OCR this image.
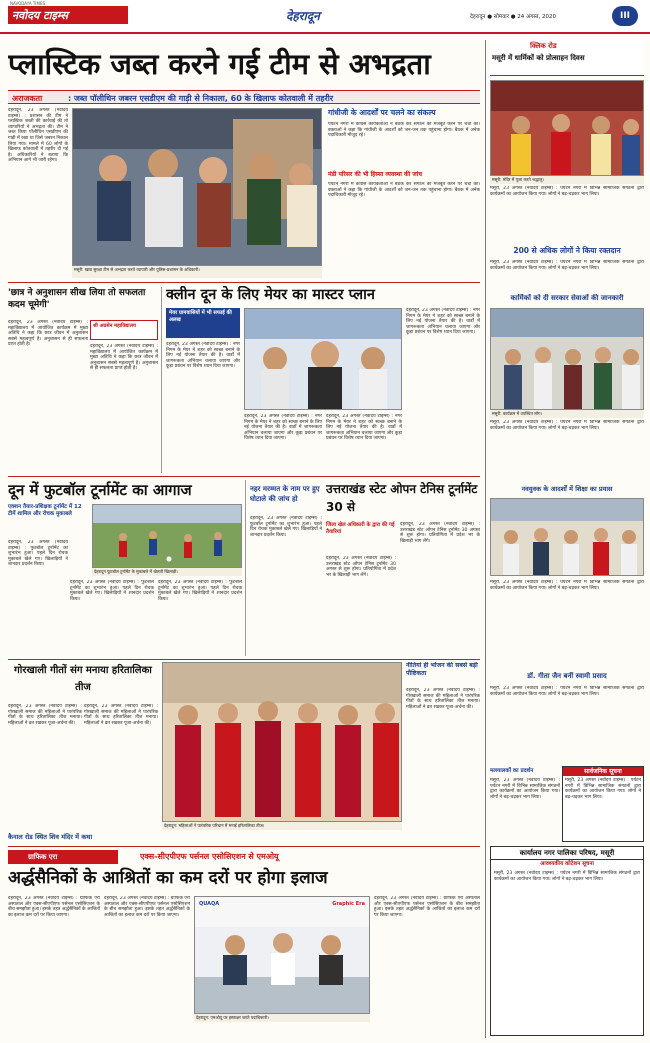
नवोदय टाइम्स
NAVODAYA TIMES
देहरादून	देहरादून ● सोमवार ● 24 अगस्त, 2020	III
प्लास्टिक जब्त करने गई टीम से अभद्रता
अराजकता	: जब्त पॉलीथिन जबरन एसडीएम की गाड़ी से निकाला, 60 के खिलाफ कोतवाली में तहरीर
देहरादून, 23 अगस्त (नवोदय टाइम्स) : प्रशासन की टीम ने प्लास्टिक जब्ती की कार्रवाई की तो व्यापारियों ने अभद्रता की। टीम ने जब्त किया पॉलीथिन एसडीएम की गाड़ी में रखा था जिसे जबरन निकाल लिया गया। मामले में 60 लोगों के खिलाफ कोतवाली में तहरीर दी गई है। अधिकारियों ने बताया कि अभियान आगे भी जारी रहेगा।
मसूरी: खाद्य सुरक्षा टीम से अभद्रता करते व्यापारी और पुलिस-प्रशासन के अधिकारी।
गांधीजी के आदर्शों पर चलने का संकल्प
पर्यटन नगरी में कांग्रेस कार्यकर्ताओं ने बैठक कर संगठन को मजबूत करने पर चर्चा की। वक्ताओं ने कहा कि गांधीजी के आदर्शों को जन-जन तक पहुंचाना होगा। बैठक में अनेक पदाधिकारी मौजूद रहे।
मंडी परिसर की भी हिस्सा व्यवस्था की जांच
पर्यटन नगरी में कांग्रेस कार्यकर्ताओं ने बैठक कर संगठन को मजबूत करने पर चर्चा की। वक्ताओं ने कहा कि गांधीजी के आदर्शों को जन-जन तक पहुंचाना होगा। बैठक में अनेक पदाधिकारी मौजूद रहे।
'छात्र ने अनुशासन सीख लिया तो सफलता कदम चूमेगी'
श्री अग्रसेन महाविद्यालय
देहरादून, 23 अगस्त (नवोदय टाइम्स) : महाविद्यालय में आयोजित कार्यक्रम में मुख्य अतिथि ने कहा कि छात्र जीवन में अनुशासन सबसे महत्वपूर्ण है। अनुशासन से ही सफलता प्राप्त होती है।	देहरादून, 23 अगस्त (नवोदय टाइम्स) : महाविद्यालय में आयोजित कार्यक्रम में मुख्य अतिथि ने कहा कि छात्र जीवन में अनुशासन सबसे महत्वपूर्ण है। अनुशासन से ही सफलता प्राप्त होती है।
क्लीन दून के लिए मेयर का मास्टर प्लान
मेयर ग्रामवासियों में भी सफाई की अलख
देहरादून, 23 अगस्त (नवोदय टाइम्स) : नगर निगम के मेयर ने शहर को स्वच्छ बनाने के लिए नई योजना तैयार की है। वार्डों में जागरूकता अभियान चलाया जाएगा और कूड़ा प्रबंधन पर विशेष ध्यान दिया जाएगा।
देहरादून, 23 अगस्त (नवोदय टाइम्स) : नगर निगम के मेयर ने शहर को स्वच्छ बनाने के लिए नई योजना तैयार की है। वार्डों में जागरूकता अभियान चलाया जाएगा और कूड़ा प्रबंधन पर विशेष ध्यान दिया जाएगा।
देहरादून, 23 अगस्त (नवोदय टाइम्स) : नगर निगम के मेयर ने शहर को स्वच्छ बनाने के लिए नई योजना तैयार की है। वार्डों में जागरूकता अभियान चलाया जाएगा और कूड़ा प्रबंधन पर विशेष ध्यान दिया जाएगा।
देहरादून, 23 अगस्त (नवोदय टाइम्स) : नगर निगम के मेयर ने शहर को स्वच्छ बनाने के लिए नई योजना तैयार की है। वार्डों में जागरूकता अभियान चलाया जाएगा और कूड़ा प्रबंधन पर विशेष ध्यान दिया जाएगा।
दून में फुटबॉल टूर्नामेंट का आगाज
एक्शन तैयार-प्रशिक्षक टूर्नामेंट में 12 टीमें शामिल और रोचक मुकाबले
देहरादून, 23 अगस्त (नवोदय टाइम्स) : फुटबॉल टूर्नामेंट का शुभारंभ हुआ। पहले दिन रोचक मुकाबले खेले गए। खिलाड़ियों ने शानदार प्रदर्शन किया।
देहरादून फुटबॉल टूर्नामेंट के मुकाबले में खेलती खिलाड़ी।
देहरादून, 23 अगस्त (नवोदय टाइम्स) : फुटबॉल टूर्नामेंट का शुभारंभ हुआ। पहले दिन रोचक मुकाबले खेले गए। खिलाड़ियों ने शानदार प्रदर्शन किया।
देहरादून, 23 अगस्त (नवोदय टाइम्स) : फुटबॉल टूर्नामेंट का शुभारंभ हुआ। पहले दिन रोचक मुकाबले खेले गए। खिलाड़ियों ने शानदार प्रदर्शन किया।
नहर मरम्मत के नाम पर हुए घोटाले की जांच हो
देहरादून, 23 अगस्त (नवोदय टाइम्स) : फुटबॉल टूर्नामेंट का शुभारंभ हुआ। पहले दिन रोचक मुकाबले खेले गए। खिलाड़ियों ने शानदार प्रदर्शन किया।
उत्तराखंड स्टेट ओपन टेनिस टूर्नामेंट 30 से
जिला खेल अधिकारी के द्वारा की गई तैयारियां
देहरादून, 23 अगस्त (नवोदय टाइम्स) : उत्तराखंड स्टेट ओपन टेनिस टूर्नामेंट 30 अगस्त से शुरू होगा। प्रतियोगिता में प्रदेश भर के खिलाड़ी भाग लेंगे।
देहरादून, 23 अगस्त (नवोदय टाइम्स) : उत्तराखंड स्टेट ओपन टेनिस टूर्नामेंट 30 अगस्त से शुरू होगा। प्रतियोगिता में प्रदेश भर के खिलाड़ी भाग लेंगे।
गोरखाली गीतों संग मनाया हरितालिका तीज
देहरादून, 23 अगस्त (नवोदय टाइम्स) : गोरखाली समाज की महिलाओं ने पारंपरिक गीतों के साथ हरितालिका तीज मनाया। महिलाओं ने व्रत रखकर पूजा-अर्चना की।
देहरादून, 23 अगस्त (नवोदय टाइम्स) : गोरखाली समाज की महिलाओं ने पारंपरिक गीतों के साथ हरितालिका तीज मनाया। महिलाओं ने व्रत रखकर पूजा-अर्चना की।
देहरादून: महिलाओं ने पारंपरिक परिधान में मनाई हरितालिका तीज।
कैनाल रोड स्थित शिव मंदिर में कथा
नीतियां ही भोजन की सबसे बड़ी पौष्टिकता
देहरादून, 23 अगस्त (नवोदय टाइम्स) : गोरखाली समाज की महिलाओं ने पारंपरिक गीतों के साथ हरितालिका तीज मनाया। महिलाओं ने व्रत रखकर पूजा-अर्चना की।
ग्राफिक एरा	एक्स-सीएपीएफ पर्सनल एसोसिएशन से एमओयू
अर्द्धसैनिकों के आश्रितों का कम दरों पर होगा इलाज
देहरादून, 23 अगस्त (नवोदय टाइम्स) : ग्राफिक एरा अस्पताल और एक्स-सीएपीएफ पर्सनल एसोसिएशन के बीच समझौता हुआ। इसके तहत अर्द्धसैनिकों के आश्रितों का इलाज कम दरों पर किया जाएगा।
देहरादून, 23 अगस्त (नवोदय टाइम्स) : ग्राफिक एरा अस्पताल और एक्स-सीएपीएफ पर्सनल एसोसिएशन के बीच समझौता हुआ। इसके तहत अर्द्धसैनिकों के आश्रितों का इलाज कम दरों पर किया जाएगा।
QUAQA	Graphic Era
देहरादून: एमओयू पर हस्ताक्षर करते पदाधिकारी।
देहरादून, 23 अगस्त (नवोदय टाइम्स) : ग्राफिक एरा अस्पताल और एक्स-सीएपीएफ पर्सनल एसोसिएशन के बीच समझौता हुआ। इसके तहत अर्द्धसैनिकों के आश्रितों का इलाज कम दरों पर किया जाएगा।
क्लिक रोड
मसूरी में धार्मिकों को प्रोत्साहन दिवस
मसूरी: मंदिर में पूजा करते श्रद्धालु।
मसूरी, 23 अगस्त (नवोदय टाइम्स) : पर्यटन नगरी में विभिन्न सामाजिक संगठनों द्वारा कार्यक्रमों का आयोजन किया गया। लोगों ने बढ़-चढ़कर भाग लिया।
200 से अधिक लोगों ने किया रक्तदान
मसूरी, 23 अगस्त (नवोदय टाइम्स) : पर्यटन नगरी में विभिन्न सामाजिक संगठनों द्वारा कार्यक्रमों का आयोजन किया गया। लोगों ने बढ़-चढ़कर भाग लिया।
कार्मिकों को दी सरकार सेवाओं की जानकारी
मसूरी: कार्यक्रम में उपस्थित लोग।
मसूरी, 23 अगस्त (नवोदय टाइम्स) : पर्यटन नगरी में विभिन्न सामाजिक संगठनों द्वारा कार्यक्रमों का आयोजन किया गया। लोगों ने बढ़-चढ़कर भाग लिया।
नवयुवक के आदर्शों में शिक्षा का प्रयास
मसूरी, 23 अगस्त (नवोदय टाइम्स) : पर्यटन नगरी में विभिन्न सामाजिक संगठनों द्वारा कार्यक्रमों का आयोजन किया गया। लोगों ने बढ़-चढ़कर भाग लिया।
डॉ. गीता जैन बनीं स्वामी प्रसाद
मसूरी, 23 अगस्त (नवोदय टाइम्स) : पर्यटन नगरी में विभिन्न सामाजिक संगठनों द्वारा कार्यक्रमों का आयोजन किया गया। लोगों ने बढ़-चढ़कर भाग लिया।
मलयालकों का प्रदर्शन
मसूरी, 23 अगस्त (नवोदय टाइम्स) : पर्यटन नगरी में विभिन्न सामाजिक संगठनों द्वारा कार्यक्रमों का आयोजन किया गया। लोगों ने बढ़-चढ़कर भाग लिया।
सार्वजनिक सूचना
मसूरी, 23 अगस्त (नवोदय टाइम्स) : पर्यटन नगरी में विभिन्न सामाजिक संगठनों द्वारा कार्यक्रमों का आयोजन किया गया। लोगों ने बढ़-चढ़कर भाग लिया।
कार्यालय नगर पालिका परिषद, मसूरी
आवश्यकीय कोटेशन सूचना
मसूरी, 23 अगस्त (नवोदय टाइम्स) : पर्यटन नगरी में विभिन्न सामाजिक संगठनों द्वारा कार्यक्रमों का आयोजन किया गया। लोगों ने बढ़-चढ़कर भाग लिया।
